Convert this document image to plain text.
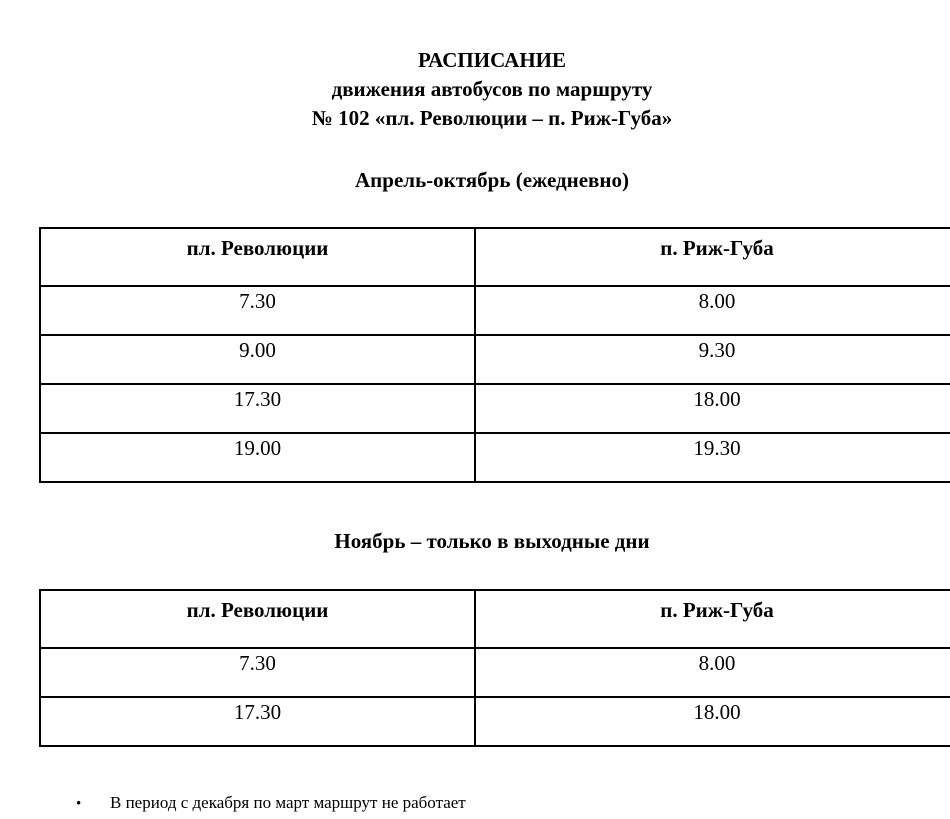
РАСПИСАНИЕ
движения автобусов по маршруту
№ 102 «пл. Революции – п. Риж-Губа»
Апрель-октябрь (ежедневно)
пл. Революции	п. Риж-Губа
7.30	8.00
9.00	9.30
17.30	18.00
19.00	19.30
Ноябрь – только в выходные дни
пл. Революции	п. Риж-Губа
7.30	8.00
17.30	18.00
• В период с декабря по март маршрут не работает
